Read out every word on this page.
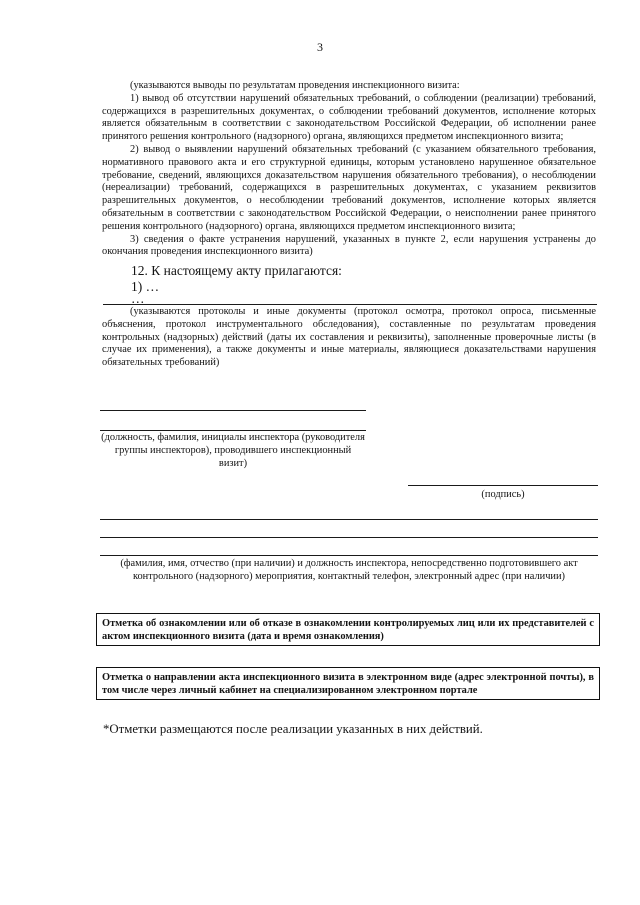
3
(указываются выводы по результатам проведения инспекционного визита:
1) вывод об отсутствии нарушений обязательных требований, о соблюдении (реализации) требований, содержащихся в разрешительных документах, о соблюдении требований документов, исполнение которых является обязательным в соответствии с законодательством Российской Федерации, об исполнении ранее принятого решения контрольного (надзорного) органа, являющихся предметом инспекционного визита;
2) вывод о выявлении нарушений обязательных требований (с указанием обязательного требования, нормативного правового акта и его структурной единицы, которым установлено нарушенное обязательное требование, сведений, являющихся доказательством нарушения обязательного требования), о несоблюдении (нереализации) требований, содержащихся в разрешительных документах, с указанием реквизитов разрешительных документов, о несоблюдении требований документов, исполнение которых является обязательным в соответствии с законодательством Российской Федерации, о неисполнении ранее принятого решения контрольного (надзорного) органа, являющихся предметом инспекционного визита;
3) сведения о факте устранения нарушений, указанных в пункте 2, если нарушения устранены до окончания проведения инспекционного визита)
12. К настоящему акту прилагаются:
1) …
…
(указываются протоколы и иные документы (протокол осмотра, протокол опроса, письменные объяснения, протокол инструментального обследования), составленные по результатам проведения контрольных (надзорных) действий (даты их составления и реквизиты), заполненные проверочные листы (в случае их применения), а также документы и иные материалы, являющиеся доказательствами нарушения обязательных требований)
(должность, фамилия, инициалы инспектора (руководителя группы инспекторов), проводившего инспекционный визит)
(подпись)
(фамилия, имя, отчество (при наличии) и должность инспектора, непосредственно подготовившего акт контрольного (надзорного) мероприятия, контактный телефон, электронный адрес (при наличии)
Отметка об ознакомлении или об отказе в ознакомлении контролируемых лиц или их представителей с актом инспекционного визита (дата и время ознакомления)
Отметка о направлении акта инспекционного визита в электронном виде (адрес электронной почты), в том числе через личный кабинет на специализированном электронном портале
*Отметки размещаются после реализации указанных в них действий.
